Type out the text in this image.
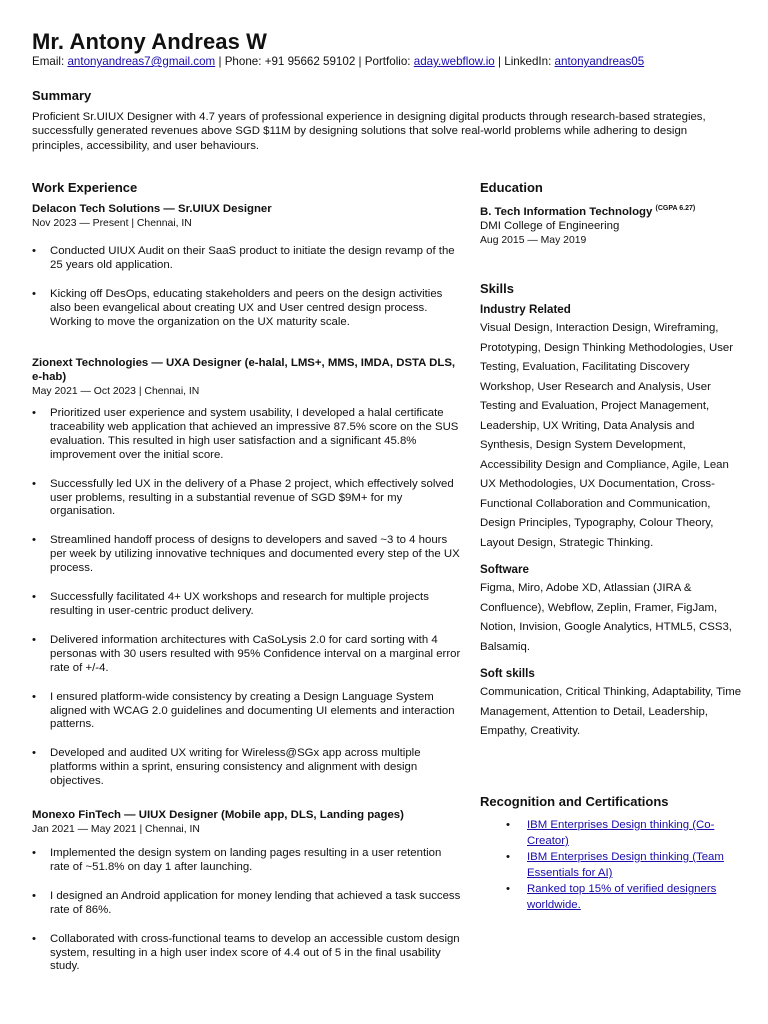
Mr. Antony Andreas W
Email: antonyandreas7@gmail.com | Phone: +91 95662 59102 | Portfolio: aday.webflow.io | LinkedIn: antonyandreas05
Summary
Proficient Sr.UIUX Designer with 4.7 years of professional experience in designing digital products through research-based strategies, successfully generated revenues above SGD $11M by designing solutions that solve real-world problems while adhering to design principles, accessibility, and user behaviours.
Work Experience
Delacon Tech Solutions — Sr.UIUX Designer
Nov 2023 — Present | Chennai, IN
• Conducted UIUX Audit on their SaaS product to initiate the design revamp of the 25 years old application.
• Kicking off DesOps, educating stakeholders and peers on the design activities also been evangelical about creating UX and User centred design process. Working to move the organization on the UX maturity scale.
Zionext Technologies — UXA Designer (e-halal, LMS+, MMS, IMDA, DSTA DLS, e-hab)
May 2021 — Oct 2023 | Chennai, IN
• Prioritized user experience and system usability, I developed a halal certificate traceability web application that achieved an impressive 87.5% score on the SUS evaluation. This resulted in high user satisfaction and a significant 45.8% improvement over the initial score.
• Successfully led UX in the delivery of a Phase 2 project, which effectively solved user problems, resulting in a substantial revenue of SGD $9M+ for my organisation.
• Streamlined handoff process of designs to developers and saved ~3 to 4 hours per week by utilizing innovative techniques and documented every step of the UX process.
• Successfully facilitated 4+ UX workshops and research for multiple projects resulting in user-centric product delivery.
• Delivered information architectures with CaSoLysis 2.0 for card sorting with 4 personas with 30 users resulted with 95% Confidence interval on a marginal error rate of +/-4.
• I ensured platform-wide consistency by creating a Design Language System aligned with WCAG 2.0 guidelines and documenting UI elements and interaction patterns.
• Developed and audited UX writing for Wireless@SGx app across multiple platforms within a sprint, ensuring consistency and alignment with design objectives.
Monexo FinTech — UIUX Designer (Mobile app, DLS, Landing pages)
Jan 2021 — May 2021 | Chennai, IN
• Implemented the design system on landing pages resulting in a user retention rate of ~51.8% on day 1 after launching.
• I designed an Android application for money lending that achieved a task success rate of 86%.
• Collaborated with cross-functional teams to develop an accessible custom design system, resulting in a high user index score of 4.4 out of 5 in the final usability study.
Education
B. Tech Information Technology $^{(CGPA 6.27)}$
DMI College of Engineering
Aug 2015 — May 2019
Skills
Industry Related
Visual Design, Interaction Design, Wireframing, Prototyping, Design Thinking Methodologies, User Testing, Evaluation, Facilitating Discovery Workshop, User Research and Analysis, User Testing and Evaluation, Project Management, Leadership, UX Writing, Data Analysis and Synthesis, Design System Development, Accessibility Design and Compliance, Agile, Lean UX Methodologies, UX Documentation, Cross-Functional Collaboration and Communication, Design Principles, Typography, Colour Theory, Layout Design, Strategic Thinking.
Software
Figma, Miro, Adobe XD, Atlassian (JIRA & Confluence), Webflow, Zeplin, Framer, FigJam, Notion, Invision, Google Analytics, HTML5, CSS3, Balsamiq.
Soft skills
Communication, Critical Thinking, Adaptability, Time Management, Attention to Detail, Leadership, Empathy, Creativity.
Recognition and Certifications
• IBM Enterprises Design thinking (Co-Creator)
• IBM Enterprises Design thinking (Team Essentials for AI)
• Ranked top 15% of verified designers worldwide.
